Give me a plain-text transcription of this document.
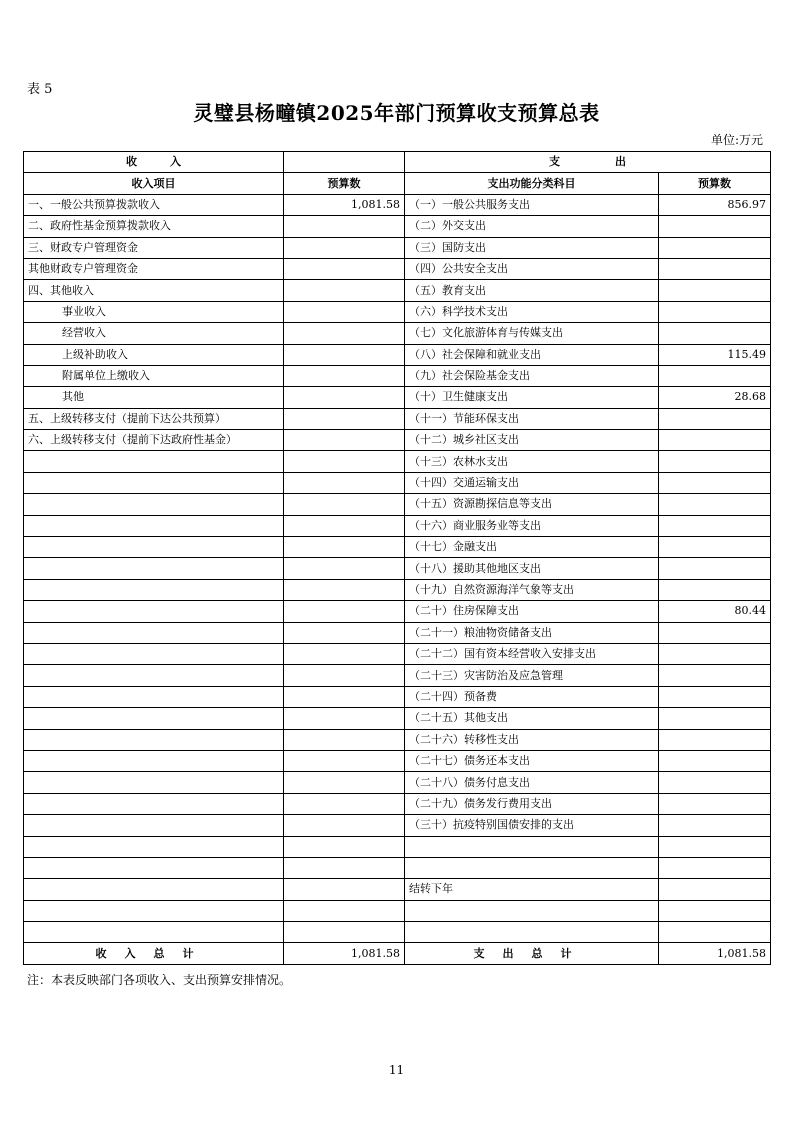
表 5
灵璧县杨疃镇2025年部门预算收支预算总表
单位:万元
收　　　入		支　　　　　出	
收入项目	预算数	支出功能分类科目	预算数
一、一般公共预算拨款收入	1,081.58	（一）一般公共服务支出	856.97
二、政府性基金预算拨款收入		（二）外交支出	
三、财政专户管理资金		（三）国防支出	
其他财政专户管理资金		（四）公共安全支出	
四、其他收入		（五）教育支出	
事业收入		（六）科学技术支出	
经营收入		（七）文化旅游体育与传媒支出	
上级补助收入		（八）社会保障和就业支出	115.49
附属单位上缴收入		（九）社会保险基金支出	
其他		（十）卫生健康支出	28.68
五、上级转移支付（提前下达公共预算）		（十一）节能环保支出	
六、上级转移支付（提前下达政府性基金）		（十二）城乡社区支出	
		（十三）农林水支出	
		（十四）交通运输支出	
		（十五）资源勘探信息等支出	
		（十六）商业服务业等支出	
		（十七）金融支出	
		（十八）援助其他地区支出	
		（十九）自然资源海洋气象等支出	
		（二十）住房保障支出	80.44
		（二十一）粮油物资储备支出	
		（二十二）国有资本经营收入安排支出	
		（二十三）灾害防治及应急管理	
		（二十四）预备费	
		（二十五）其他支出	
		（二十六）转移性支出	
		（二十七）债务还本支出	
		（二十八）债务付息支出	
		（二十九）债务发行费用支出	
		（三十）抗疫特别国债安排的支出	

		结转下年	

收入总计	1,081.58	支出总计	1,081.58
注：本表反映部门各项收入、支出预算安排情况。
11
